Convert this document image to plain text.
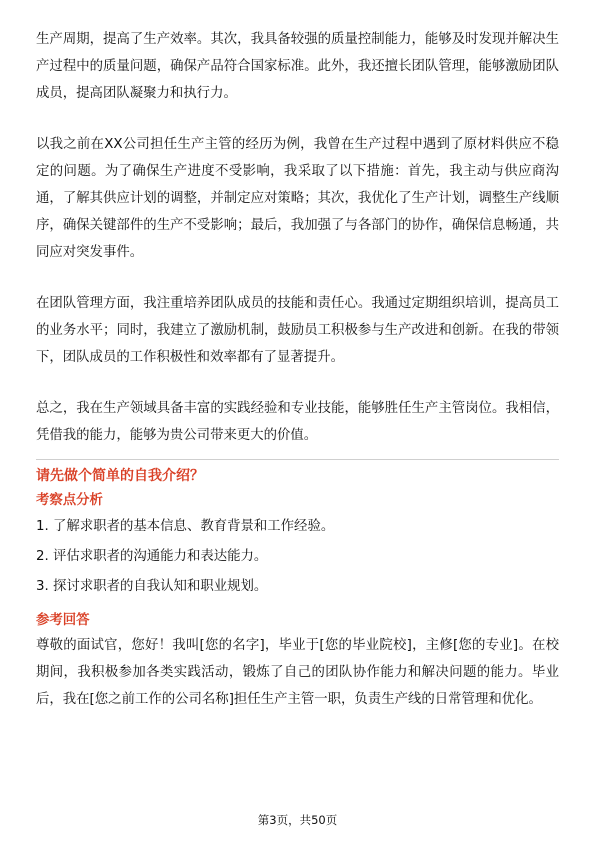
生产周期，提高了生产效率。其次，我具备较强的质量控制能力，能够及时发现并解决生产过程中的质量问题，确保产品符合国家标准。此外，我还擅长团队管理，能够激励团队成员，提高团队凝聚力和执行力。

以我之前在XX公司担任生产主管的经历为例，我曾在生产过程中遇到了原材料供应不稳定的问题。为了确保生产进度不受影响，我采取了以下措施：首先，我主动与供应商沟通，了解其供应计划的调整，并制定应对策略；其次，我优化了生产计划，调整生产线顺序，确保关键部件的生产不受影响；最后，我加强了与各部门的协作，确保信息畅通，共同应对突发事件。

在团队管理方面，我注重培养团队成员的技能和责任心。我通过定期组织培训，提高员工的业务水平；同时，我建立了激励机制，鼓励员工积极参与生产改进和创新。在我的带领下，团队成员的工作积极性和效率都有了显著提升。

总之，我在生产领域具备丰富的实践经验和专业技能，能够胜任生产主管岗位。我相信，凭借我的能力，能够为贵公司带来更大的价值。

请先做个简单的自我介绍？

考察点分析

1. 了解求职者的基本信息、教育背景和工作经验。
2. 评估求职者的沟通能力和表达能力。
3. 探讨求职者的自我认知和职业规划。

参考回答

尊敬的面试官，您好！我叫[您的名字]，毕业于[您的毕业院校]，主修[您的专业]。在校期间，我积极参加各类实践活动，锻炼了自己的团队协作能力和解决问题的能力。毕业后，我在[您之前工作的公司名称]担任生产主管一职，负责生产线的日常管理和优化。

第3页，共50页
